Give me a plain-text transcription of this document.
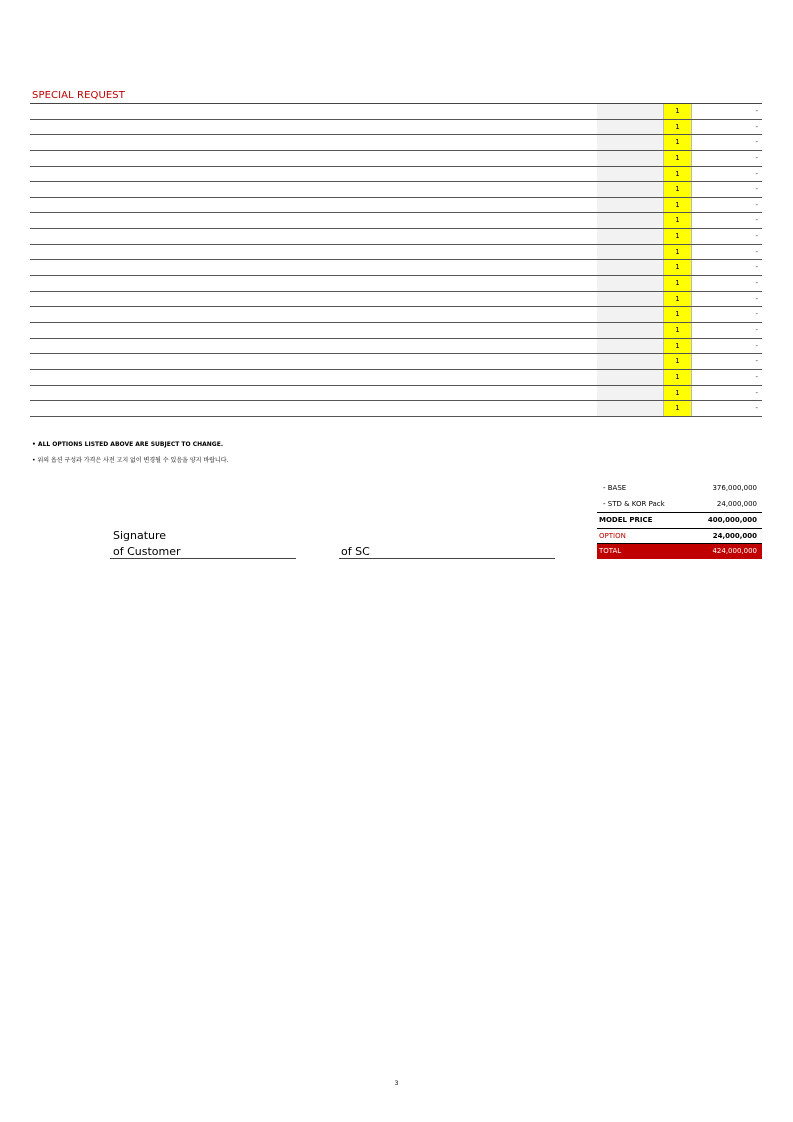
SPECIAL REQUEST
1	-
1	-
1	-
1	-
1	-
1	-
1	-
1	-
1	-
1	-
1	-
1	-
1	-
1	-
1	-
1	-
1	-
1	-
1	-
1	-
• ALL OPTIONS LISTED ABOVE ARE SUBJECT TO CHANGE.
• 위의 옵션 구성과 가격은 사전 고지 없이 변경될 수 있음을 양지 바랍니다.
Signature
of Customer	of SC
- BASE	376,000,000
- STD & KOR Pack	24,000,000
MODEL PRICE	400,000,000
OPTION	24,000,000
TOTAL	424,000,000
3
